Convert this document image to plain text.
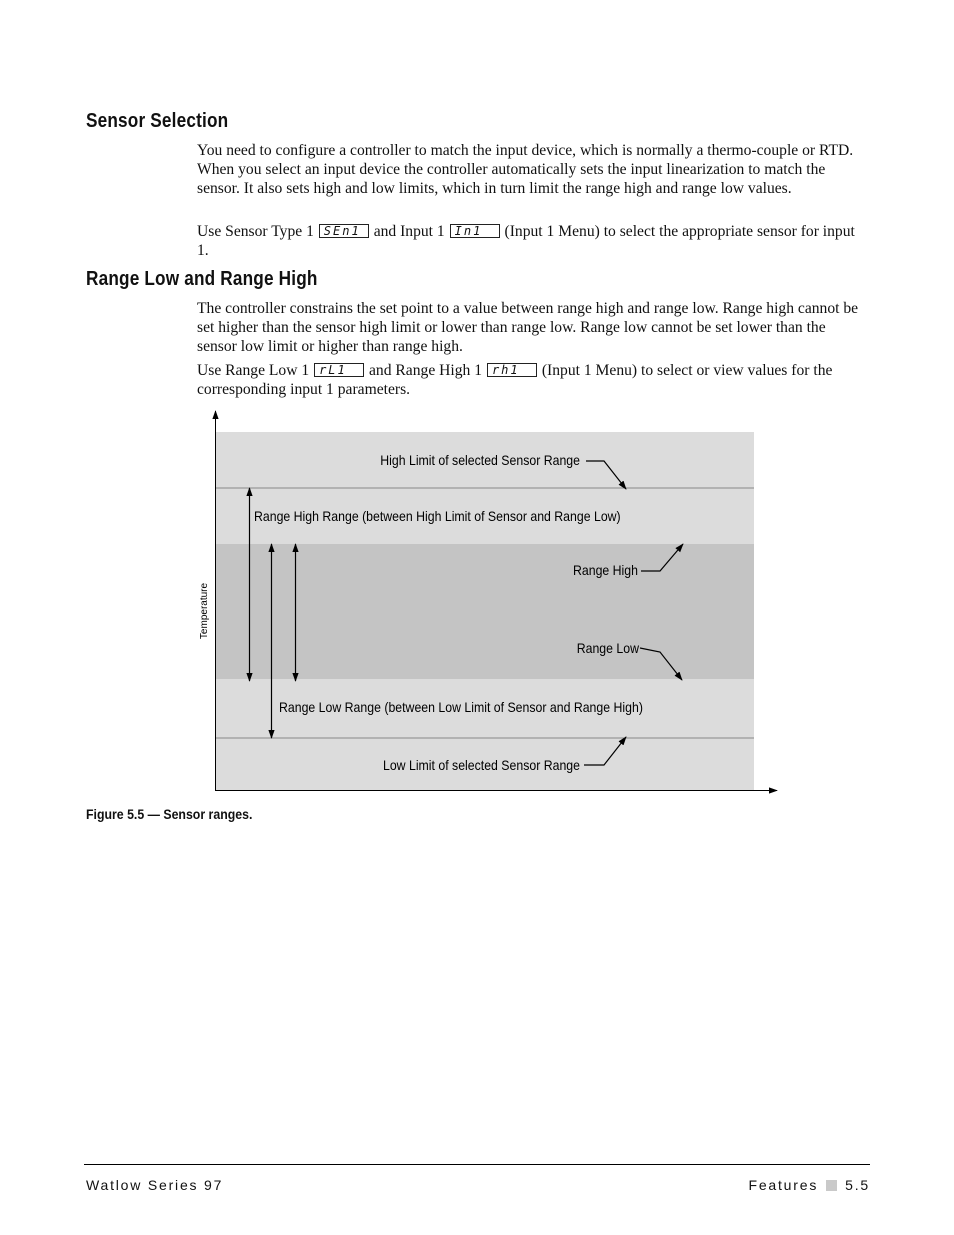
Sensor Selection

You need to configure a controller to match the input device, which is normally a thermo-couple or RTD. When you select an input device the controller automatically sets the input linearization to match the sensor. It also sets high and low limits, which in turn limit the range high and range low values.

Use Sensor Type 1 SEn1 and Input 1 In1 (Input 1 Menu) to select the appropriate sensor for input 1.

Range Low and Range High

The controller constrains the set point to a value between range high and range low. Range high cannot be set higher than the sensor high limit or lower than range low. Range low cannot be set lower than the sensor low limit or higher than range high.

Use Range Low 1 rL1 and Range High 1 rh1 (Input 1 Menu) to select or view values for the corresponding input 1 parameters.

Temperature
High Limit of selected Sensor Range
Range High Range (between High Limit of Sensor and Range Low)
Range High
Range Low
Range Low Range (between Low Limit of Sensor and Range High)
Low Limit of selected Sensor Range

Figure 5.5 — Sensor ranges.

Watlow Series 97	Features 5.5
